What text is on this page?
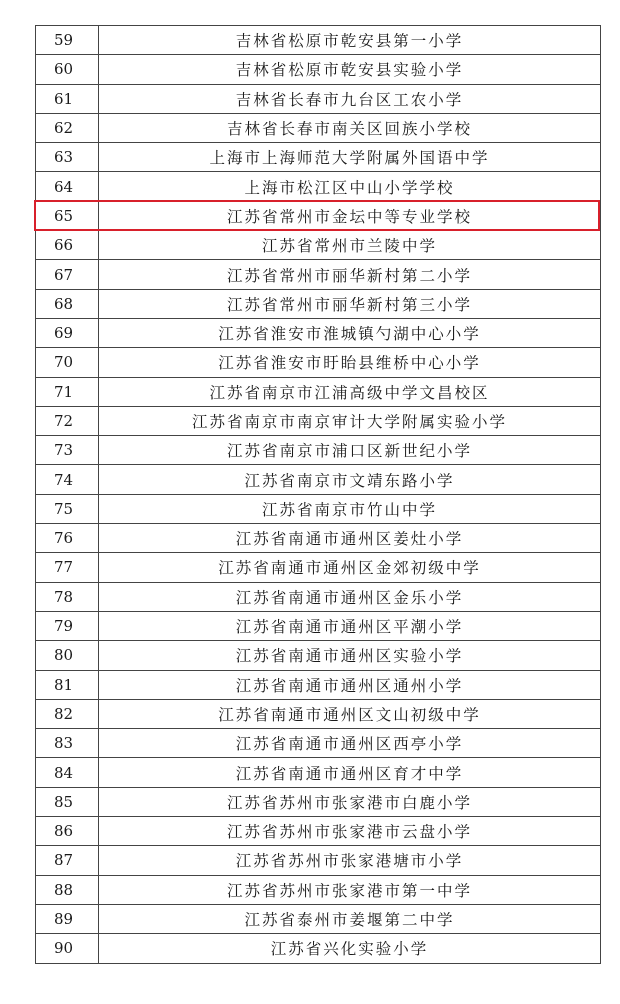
59	吉林省松原市乾安县第一小学
60	吉林省松原市乾安县实验小学
61	吉林省长春市九台区工农小学
62	吉林省长春市南关区回族小学校
63	上海市上海师范大学附属外国语中学
64	上海市松江区中山小学学校
65	江苏省常州市金坛中等专业学校
66	江苏省常州市兰陵中学
67	江苏省常州市丽华新村第二小学
68	江苏省常州市丽华新村第三小学
69	江苏省淮安市淮城镇勺湖中心小学
70	江苏省淮安市盱眙县维桥中心小学
71	江苏省南京市江浦高级中学文昌校区
72	江苏省南京市南京审计大学附属实验小学
73	江苏省南京市浦口区新世纪小学
74	江苏省南京市文靖东路小学
75	江苏省南京市竹山中学
76	江苏省南通市通州区姜灶小学
77	江苏省南通市通州区金郊初级中学
78	江苏省南通市通州区金乐小学
79	江苏省南通市通州区平潮小学
80	江苏省南通市通州区实验小学
81	江苏省南通市通州区通州小学
82	江苏省南通市通州区文山初级中学
83	江苏省南通市通州区西亭小学
84	江苏省南通市通州区育才中学
85	江苏省苏州市张家港市白鹿小学
86	江苏省苏州市张家港市云盘小学
87	江苏省苏州市张家港塘市小学
88	江苏省苏州市张家港市第一中学
89	江苏省泰州市姜堰第二中学
90	江苏省兴化实验小学
